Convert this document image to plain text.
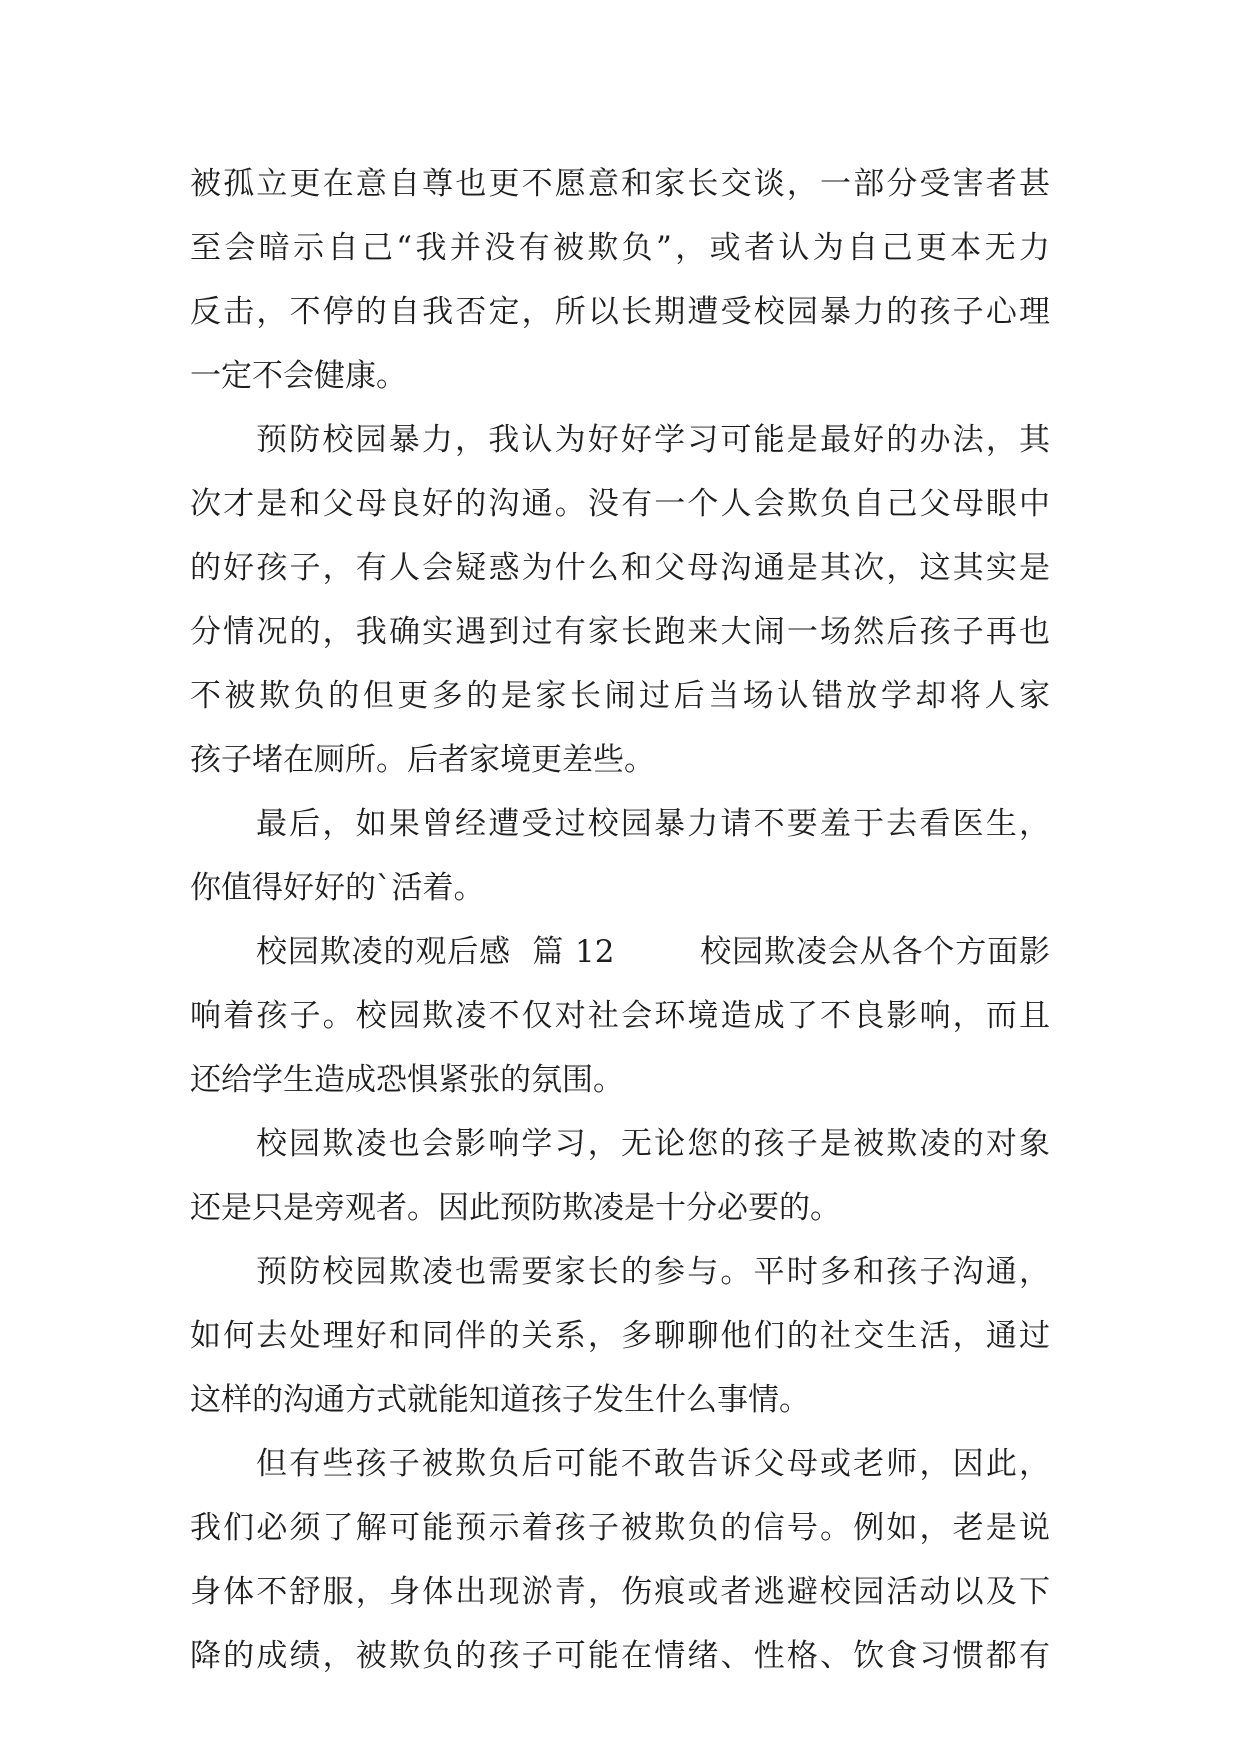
被孤立更在意自尊也更不愿意和家长交谈，一部分受害者甚
至会暗示自己“我并没有被欺负”，或者认为自己更本无力
反击，不停的自我否定，所以长期遭受校园暴力的孩子心理
一定不会健康。
预防校园暴力，我认为好好学习可能是最好的办法，其
次才是和父母良好的沟通。没有一个人会欺负自己父母眼中
的好孩子，有人会疑惑为什么和父母沟通是其次，这其实是
分情况的，我确实遇到过有家长跑来大闹一场然后孩子再也
不被欺负的但更多的是家长闹过后当场认错放学却将人家
孩子堵在厕所。后者家境更差些。
最后，如果曾经遭受过校园暴力请不要羞于去看医生，
你值得好好的`活着。
校园欺凌的观后感  篇 12        校园欺凌会从各个方面影
响着孩子。校园欺凌不仅对社会环境造成了不良影响，而且
还给学生造成恐惧紧张的氛围。
校园欺凌也会影响学习，无论您的孩子是被欺凌的对象
还是只是旁观者。因此预防欺凌是十分必要的。
预防校园欺凌也需要家长的参与。平时多和孩子沟通，
如何去处理好和同伴的关系，多聊聊他们的社交生活，通过
这样的沟通方式就能知道孩子发生什么事情。
但有些孩子被欺负后可能不敢告诉父母或老师，因此，
我们必须了解可能预示着孩子被欺负的信号。例如，老是说
身体不舒服，身体出现淤青，伤痕或者逃避校园活动以及下
降的成绩，被欺负的孩子可能在情绪、性格、饮食习惯都有
